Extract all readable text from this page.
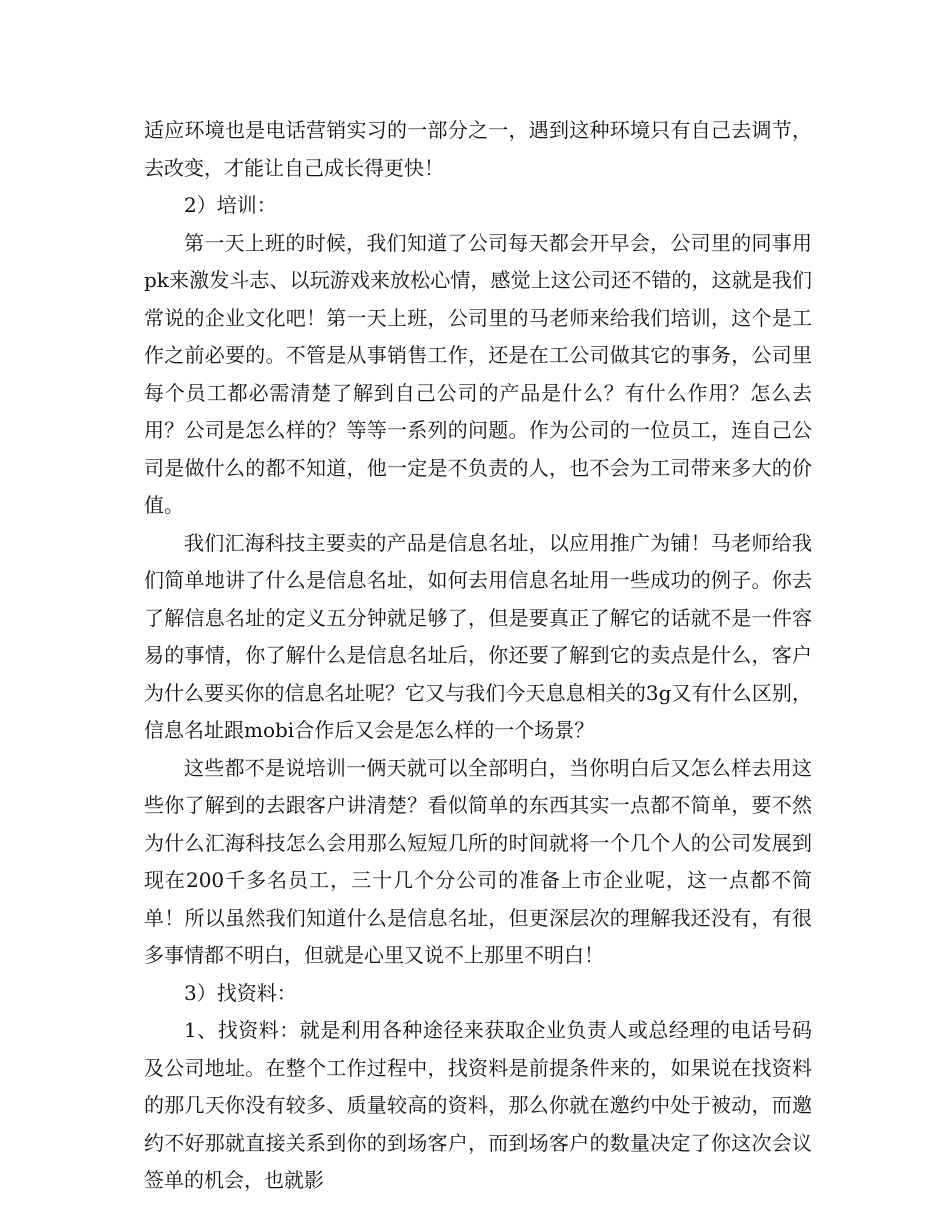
适应环境也是电话营销实习的一部分之一，遇到这种环境只有自己去调节，去改变，才能让自己成长得更快！

2）培训：

第一天上班的时候，我们知道了公司每天都会开早会，公司里的同事用pk来激发斗志、以玩游戏来放松心情，感觉上这公司还不错的，这就是我们常说的企业文化吧！第一天上班，公司里的马老师来给我们培训，这个是工作之前必要的。不管是从事销售工作，还是在工公司做其它的事务，公司里每个员工都必需清楚了解到自己公司的产品是什么？有什么作用？怎么去用？公司是怎么样的？等等一系列的问题。作为公司的一位员工，连自己公司是做什么的都不知道，他一定是不负责的人，也不会为工司带来多大的价值。

我们汇海科技主要卖的产品是信息名址，以应用推广为铺！马老师给我们简单地讲了什么是信息名址，如何去用信息名址用一些成功的例子。你去了解信息名址的定义五分钟就足够了，但是要真正了解它的话就不是一件容易的事情，你了解什么是信息名址后，你还要了解到它的卖点是什么，客户为什么要买你的信息名址呢？它又与我们今天息息相关的3g又有什么区别，信息名址跟mobi合作后又会是怎么样的一个场景？

这些都不是说培训一俩天就可以全部明白，当你明白后又怎么样去用这些你了解到的去跟客户讲清楚？看似简单的东西其实一点都不简单，要不然为什么汇海科技怎么会用那么短短几所的时间就将一个几个人的公司发展到现在200千多名员工，三十几个分公司的准备上市企业呢，这一点都不简单！所以虽然我们知道什么是信息名址，但更深层次的理解我还没有，有很多事情都不明白，但就是心里又说不上那里不明白！

3）找资料：

1、找资料：就是利用各种途径来获取企业负责人或总经理的电话号码及公司地址。在整个工作过程中，找资料是前提条件来的，如果说在找资料的那几天你没有较多、质量较高的资料，那么你就在邀约中处于被动，而邀约不好那就直接关系到你的到场客户，而到场客户的数量决定了你这次会议签单的机会，也就影
